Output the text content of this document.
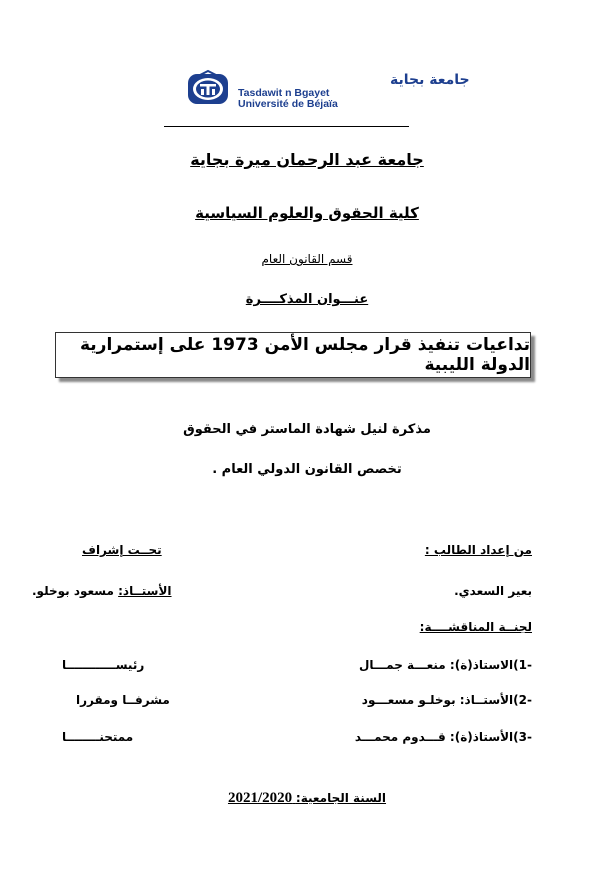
جامعة بجاية
Tasdawit n Bgayet
Université de Béjaïa
جامعة عبد الرحمان ميرة بجاية
كلية الحقوق والعلوم السياسية
قسم القانون العام
عنـــوان المذكــــرة
تداعيات تنفيذ قرار مجلس الأمن 1973 على إستمرارية الدولة الليبية
مذكرة لنيل شهادة الماستر في الحقوق
تخصص القانون الدولي العام .
من إعداد الطالب :
تحــت إشراف
بعير السعدي.
الأستــاذ: مسعود بوخلو.
لجنــة المناقشــــة:
-1)الاستاذ(ة): منعـــة جمـــال
رئيســــــــــــا
-2)الأستــاذ: بوخلـو مسعـــود
مشرفــا ومقررا
-3)الأستاذ(ة): قـــدوم محمـــد
ممتحنــــــــا
السنة الجامعية: 2021/2020
